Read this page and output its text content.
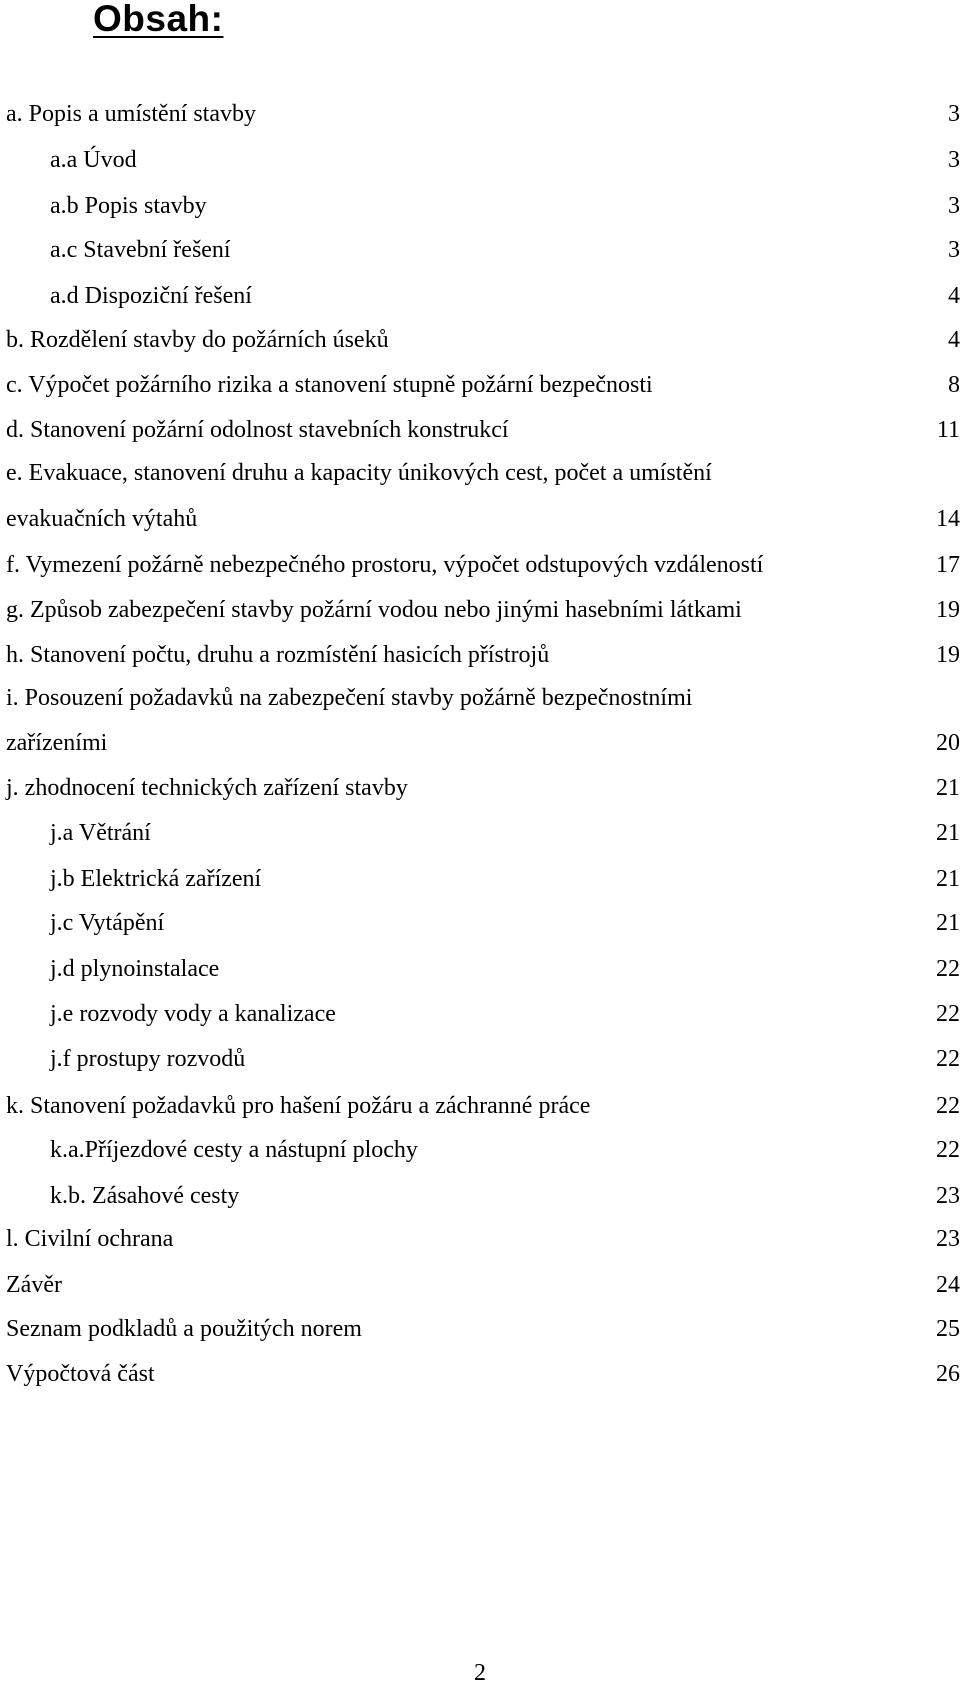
Obsah:
a. Popis a umístění stavby	3
a.a Úvod	3
a.b Popis stavby	3
a.c Stavební řešení	3
a.d Dispoziční řešení	4
b. Rozdělení stavby do požárních úseků	4
c. Výpočet požárního rizika a stanovení stupně požární bezpečnosti	8
d. Stanovení požární odolnost stavebních konstrukcí	11
e. Evakuace, stanovení druhu a kapacity únikových cest, počet a umístění
evakuačních výtahů	14
f. Vymezení požárně nebezpečného prostoru, výpočet odstupových vzdáleností	17
g. Způsob zabezpečení stavby požární vodou nebo jinými hasebními látkami	19
h. Stanovení počtu, druhu a rozmístění hasicích přístrojů	19
i. Posouzení požadavků na zabezpečení stavby požárně bezpečnostními
zařízeními	20
j. zhodnocení technických zařízení stavby	21
j.a Větrání	21
j.b Elektrická zařízení	21
j.c Vytápění	21
j.d plynoinstalace	22
j.e rozvody vody a kanalizace	22
j.f prostupy rozvodů	22
k. Stanovení požadavků pro hašení požáru a záchranné práce	22
k.a.Příjezdové cesty a nástupní plochy	22
k.b. Zásahové cesty	23
l. Civilní ochrana	23
Závěr	24
Seznam podkladů a použitých norem	25
Výpočtová část	26
2
